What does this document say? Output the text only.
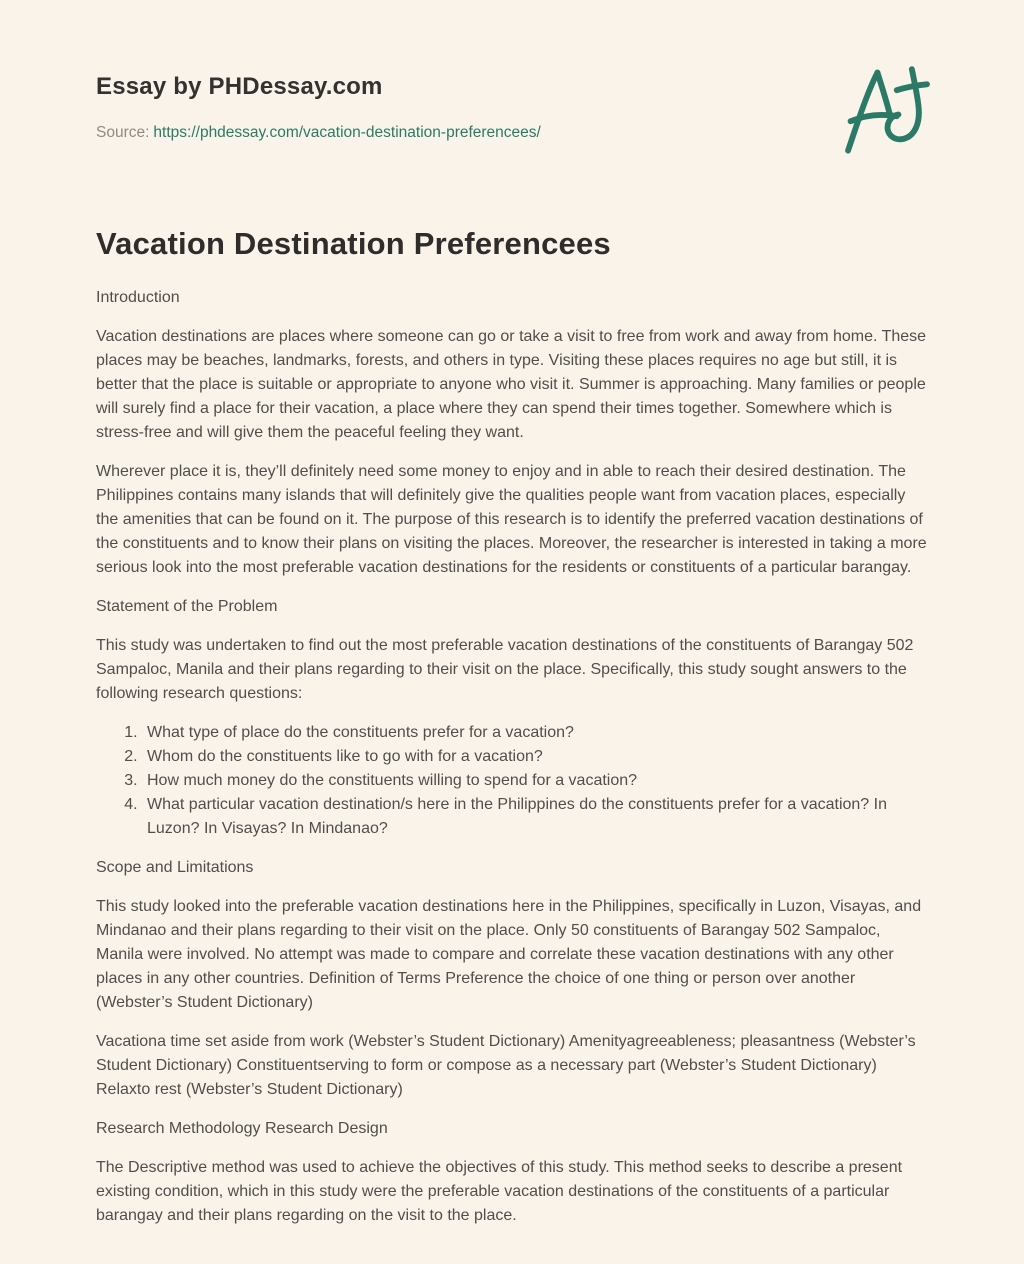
Essay by PHDessay.com

Source: https://phdessay.com/vacation-destination-preferencees/

Vacation Destination Preferencees

Introduction

Vacation destinations are places where someone can go or take a visit to free from work and away from home. These places may be beaches, landmarks, forests, and others in type. Visiting these places requires no age but still, it is better that the place is suitable or appropriate to anyone who visit it. Summer is approaching. Many families or people will surely find a place for their vacation, a place where they can spend their times together. Somewhere which is stress-free and will give them the peaceful feeling they want.

Wherever place it is, they’ll definitely need some money to enjoy and in able to reach their desired destination. The Philippines contains many islands that will definitely give the qualities people want from vacation places, especially the amenities that can be found on it. The purpose of this research is to identify the preferred vacation destinations of the constituents and to know their plans on visiting the places. Moreover, the researcher is interested in taking a more serious look into the most preferable vacation destinations for the residents or constituents of a particular barangay.

Statement of the Problem

This study was undertaken to find out the most preferable vacation destinations of the constituents of Barangay 502 Sampaloc, Manila and their plans regarding to their visit on the place. Specifically, this study sought answers to the following research questions:

1. What type of place do the constituents prefer for a vacation?
2. Whom do the constituents like to go with for a vacation?
3. How much money do the constituents willing to spend for a vacation?
4. What particular vacation destination/s here in the Philippines do the constituents prefer for a vacation? In Luzon? In Visayas? In Mindanao?

Scope and Limitations

This study looked into the preferable vacation destinations here in the Philippines, specifically in Luzon, Visayas, and Mindanao and their plans regarding to their visit on the place. Only 50 constituents of Barangay 502 Sampaloc, Manila were involved. No attempt was made to compare and correlate these vacation destinations with any other places in any other countries. Definition of Terms Preference the choice of one thing or person over another (Webster’s Student Dictionary)

Vacationa time set aside from work (Webster’s Student Dictionary) Amenityagreeableness; pleasantness (Webster’s Student Dictionary) Constituentserving to form or compose as a necessary part (Webster’s Student Dictionary) Relaxto rest (Webster’s Student Dictionary)

Research Methodology Research Design

The Descriptive method was used to achieve the objectives of this study. This method seeks to describe a present existing condition, which in this study were the preferable vacation destinations of the constituents of a particular barangay and their plans regarding on the visit to the place.
